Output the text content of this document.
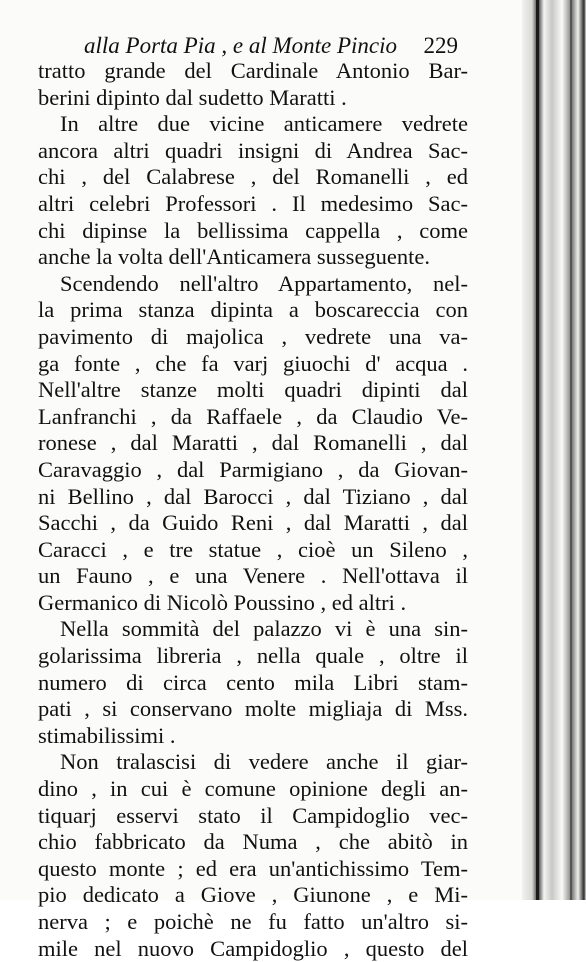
alla Porta Pia , e al Monte Pincio 229
tratto grande del Cardinale Antonio Bar-
berini dipinto dal sudetto Maratti .
In altre due vicine anticamere vedrete
ancora altri quadri insigni di Andrea Sac-
chi , del Calabrese , del Romanelli , ed
altri celebri Professori . Il medesimo Sac-
chi dipinse la bellissima cappella , come
anche la volta dell'Anticamera susseguente.
Scendendo nell'altro Appartamento, nel-
la prima stanza dipinta a boscareccia con
pavimento di majolica , vedrete una va-
ga fonte , che fa varj giuochi d' acqua .
Nell'altre stanze molti quadri dipinti dal
Lanfranchi , da Raffaele , da Claudio Ve-
ronese , dal Maratti , dal Romanelli , dal
Caravaggio , dal Parmigiano , da Giovan-
ni Bellino , dal Barocci , dal Tiziano , dal
Sacchi , da Guido Reni , dal Maratti , dal
Caracci , e tre statue , cioè un Sileno ,
un Fauno , e una Venere . Nell'ottava il
Germanico di Nicolò Poussino , ed altri .
Nella sommità del palazzo vi è una sin-
golarissima libreria , nella quale , oltre il
numero di circa cento mila Libri stam-
pati , si conservano molte migliaja di Mss.
stimabilissimi .
Non tralascisi di vedere anche il giar-
dino , in cui è comune opinione degli an-
tiquarj esservi stato il Campidoglio vec-
chio fabbricato da Numa , che abitò in
questo monte ; ed era un'antichissimo Tem-
pio dedicato a Giove , Giunone , e Mi-
nerva ; e poichè ne fu fatto un'altro si-
mile nel nuovo Campidoglio , questo del
